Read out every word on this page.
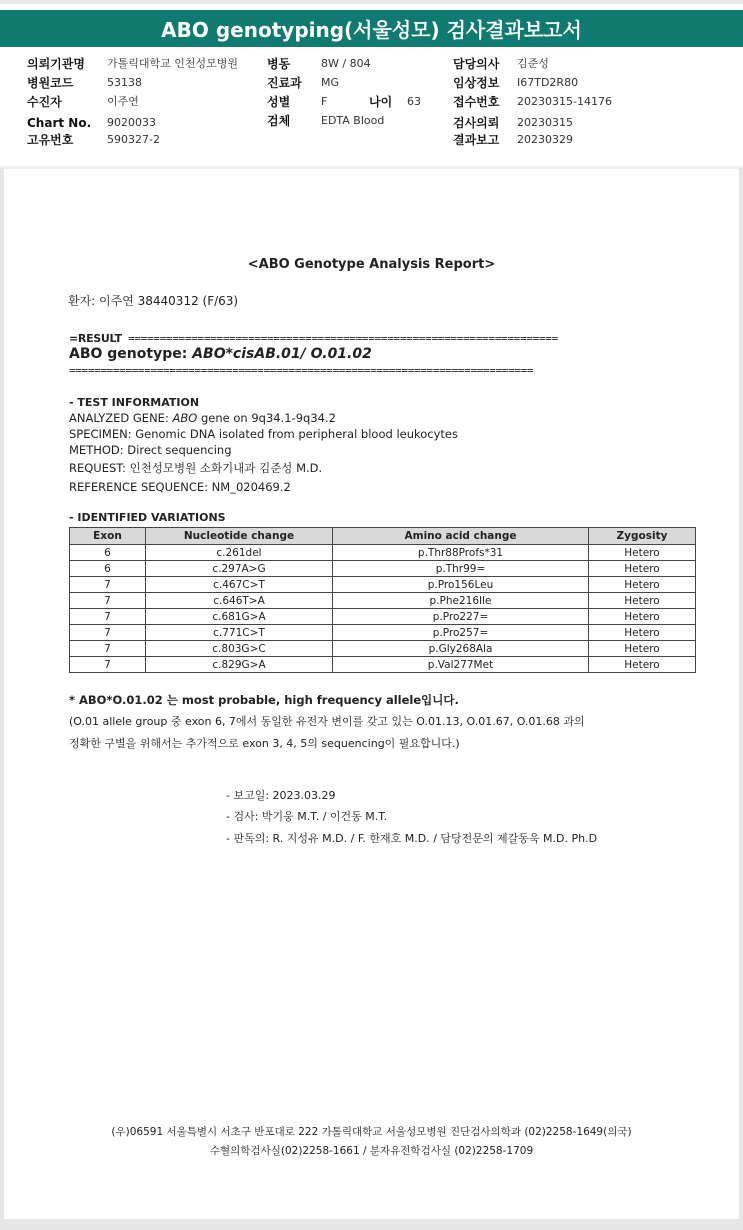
ABO genotyping(서울성모) 검사결과보고서
의뢰기관명 가톨릭대학교 인천성모병원
병원코드	53138
수진자	이주연
Chart No. 9020033
고유번호	590327-2
병동	8W / 804
진료과 MG
성별	F	나이 63
검체	EDTA Blood
담당의사 김준성
임상정보 I67TD2R80
접수번호 20230315-14176
검사의뢰 20230315
결과보고 20230329
<ABO Genotype Analysis Report>
환자: 이주연 38440312 (F/63)
=RESULT ====================================================================
ABO genotype: ABO*cisAB.01/ O.01.02
==========================================================================
- TEST INFORMATION
ANALYZED GENE: ABO gene on 9q34.1-9q34.2
SPECIMEN: Genomic DNA isolated from peripheral blood leukocytes
METHOD: Direct sequencing
REQUEST: 인천성모병원 소화기내과 김준성 M.D.
REFERENCE SEQUENCE: NM_020469.2
- IDENTIFIED VARIATIONS
Exon	Nucleotide change	Amino acid change	Zygosity
6	c.261del	p.Thr88Profs*31	Hetero
6	c.297A>G	p.Thr99=	Hetero
7	c.467C>T	p.Pro156Leu	Hetero
7	c.646T>A	p.Phe216Ile	Hetero
7	c.681G>A	p.Pro227=	Hetero
7	c.771C>T	p.Pro257=	Hetero
7	c.803G>C	p.Gly268Ala	Hetero
7	c.829G>A	p.Val277Met	Hetero
* ABO*O.01.02 는 most probable, high frequency allele입니다.
(O.01 allele group 중 exon 6, 7에서 동일한 유전자 변이를 갖고 있는 O.01.13, O.01.67, O.01.68 과의
정확한 구별을 위해서는 추가적으로 exon 3, 4, 5의 sequencing이 필요합니다.)
- 보고일: 2023.03.29
- 검사: 박기웅 M.T. / 이건동 M.T.
- 판독의: R. 지성유 M.D. / F. 한재호 M.D. / 담당전문의 제갈동욱 M.D. Ph.D
(우)06591 서울특별시 서초구 반포대로 222 가톨릭대학교 서울성모병원 진단검사의학과 (02)2258-1649(의국)
수혈의학검사실(02)2258-1661 / 분자유전학검사실 (02)2258-1709
